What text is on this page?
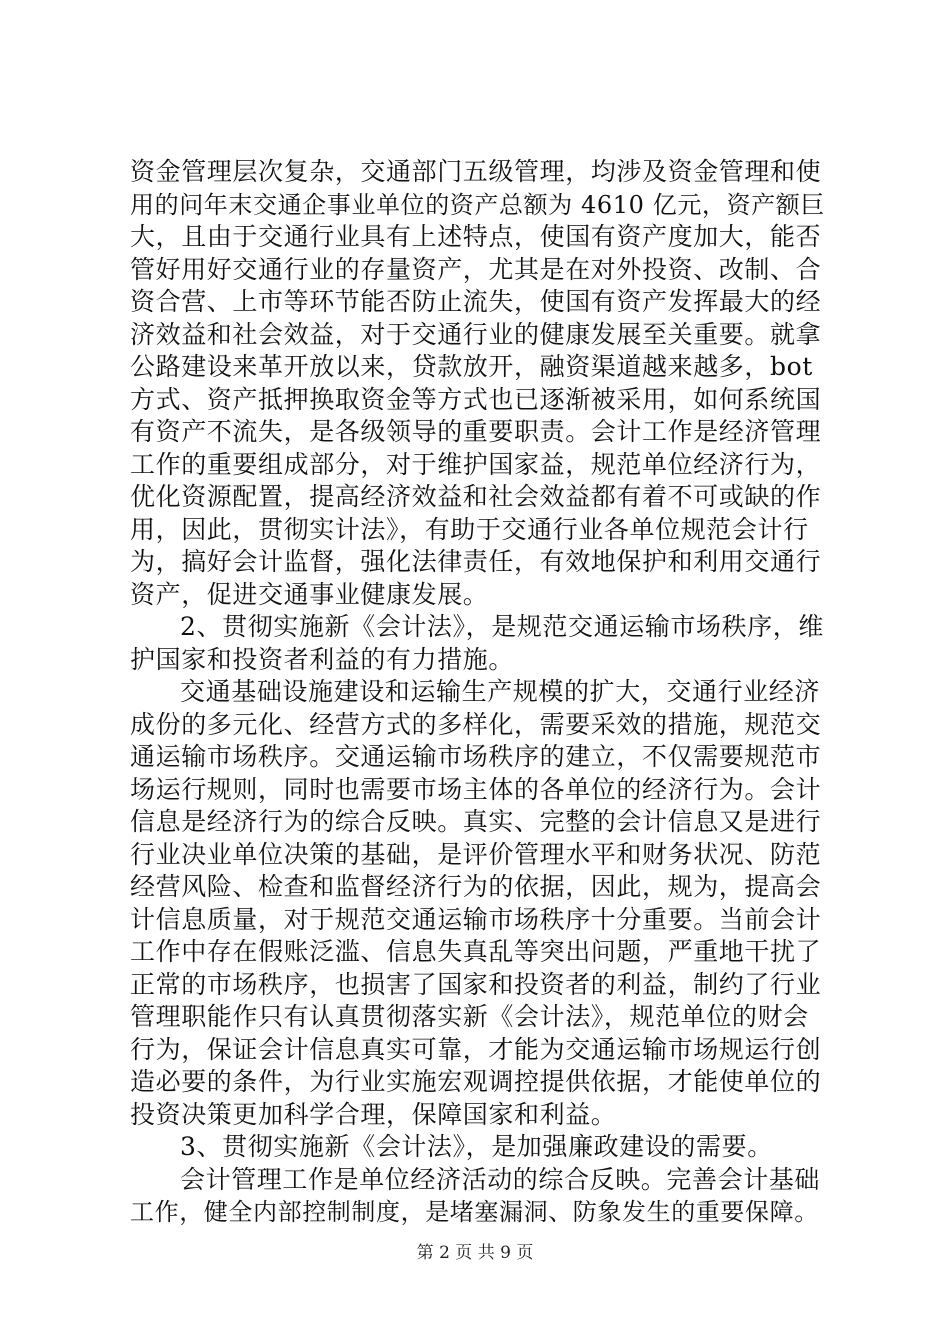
资金管理层次复杂，交通部门五级管理，均涉及资金管理和使
用的问年末交通企事业单位的资产总额为 4610 亿元，资产额巨
大，且由于交通行业具有上述特点，使国有资产度加大，能否
管好用好交通行业的存量资产，尤其是在对外投资、改制、合
资合营、上市等环节能否防止流失，使国有资产发挥最大的经
济效益和社会效益，对于交通行业的健康发展至关重要。就拿
公路建设来革开放以来，贷款放开，融资渠道越来越多，bot
方式、资产抵押换取资金等方式也已逐渐被采用，如何系统国
有资产不流失，是各级领导的重要职责。会计工作是经济管理
工作的重要组成部分，对于维护国家益，规范单位经济行为，
优化资源配置，提高经济效益和社会效益都有着不可或缺的作
用，因此，贯彻实计法》，有助于交通行业各单位规范会计行
为，搞好会计监督，强化法律责任，有效地保护和利用交通行
资产，促进交通事业健康发展。
2、贯彻实施新《会计法》，是规范交通运输市场秩序，维
护国家和投资者利益的有力措施。
交通基础设施建设和运输生产规模的扩大，交通行业经济
成份的多元化、经营方式的多样化，需要采效的措施，规范交
通运输市场秩序。交通运输市场秩序的建立，不仅需要规范市
场运行规则，同时也需要市场主体的各单位的经济行为。会计
信息是经济行为的综合反映。真实、完整的会计信息又是进行
行业决业单位决策的基础，是评价管理水平和财务状况、防范
经营风险、检查和监督经济行为的依据，因此，规为，提高会
计信息质量，对于规范交通运输市场秩序十分重要。当前会计
工作中存在假账泛滥、信息失真乱等突出问题，严重地干扰了
正常的市场秩序，也损害了国家和投资者的利益，制约了行业
管理职能作只有认真贯彻落实新《会计法》，规范单位的财会
行为，保证会计信息真实可靠，才能为交通运输市场规运行创
造必要的条件，为行业实施宏观调控提供依据，才能使单位的
投资决策更加科学合理，保障国家和利益。
3、贯彻实施新《会计法》，是加强廉政建设的需要。
会计管理工作是单位经济活动的综合反映。完善会计基础
工作，健全内部控制制度，是堵塞漏洞、防象发生的重要保障。
第 2 页 共 9 页
